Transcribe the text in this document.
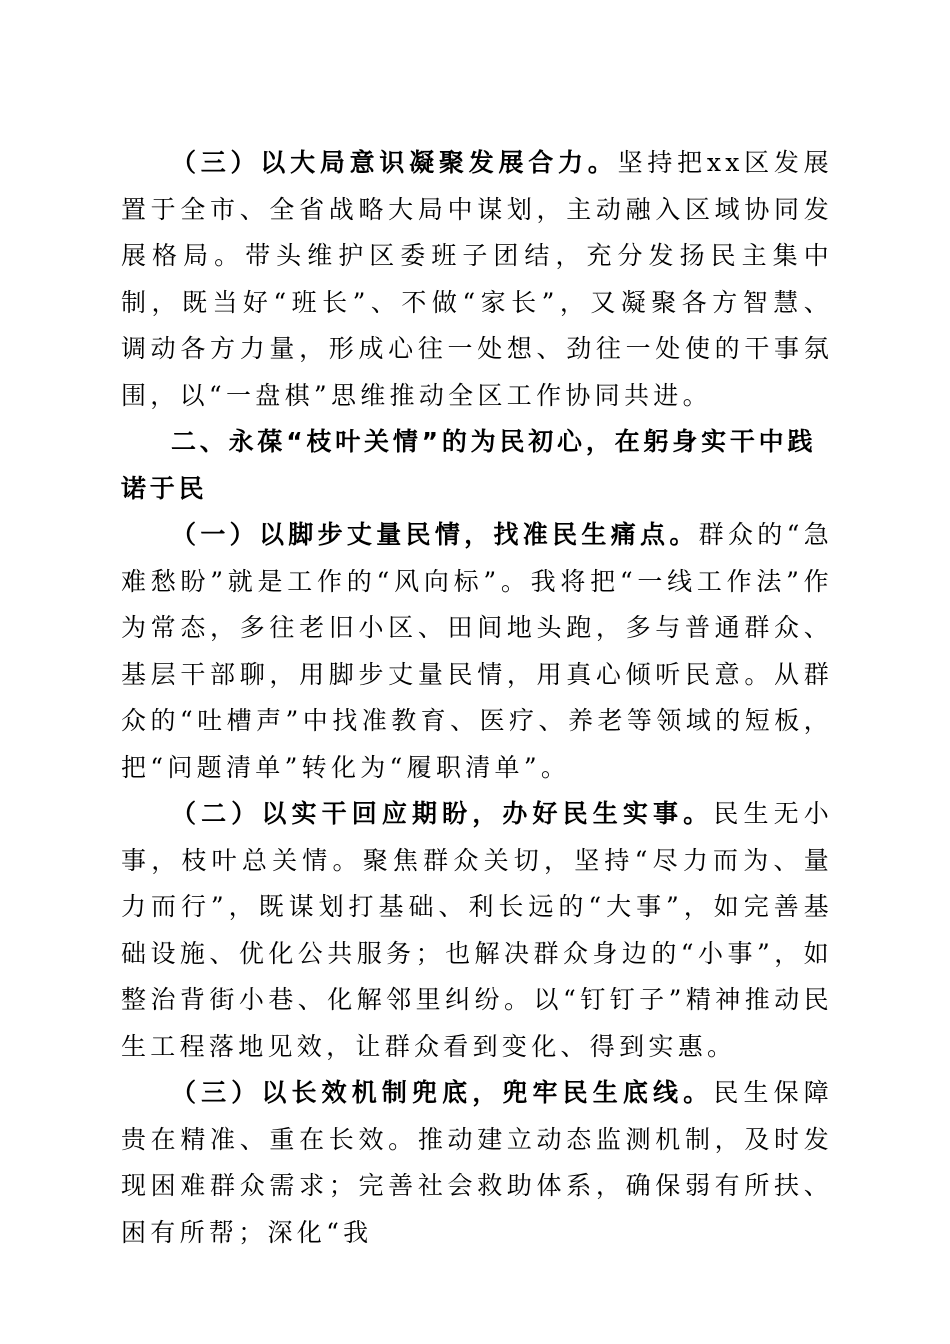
（三）以大局意识凝聚发展合力。坚持把xx区发展置于全市、全省战略大局中谋划，主动融入区域协同发展格局。带头维护区委班子团结，充分发扬民主集中制，既当好“班长”、不做“家长”，又凝聚各方智慧、调动各方力量，形成心往一处想、劲往一处使的干事氛围，以“一盘棋”思维推动全区工作协同共进。

二、永葆“枝叶关情”的为民初心，在躬身实干中践诺于民

（一）以脚步丈量民情，找准民生痛点。群众的“急难愁盼”就是工作的“风向标”。我将把“一线工作法”作为常态，多往老旧小区、田间地头跑，多与普通群众、基层干部聊，用脚步丈量民情，用真心倾听民意。从群众的“吐槽声”中找准教育、医疗、养老等领域的短板，把“问题清单”转化为“履职清单”。

（二）以实干回应期盼，办好民生实事。民生无小事，枝叶总关情。聚焦群众关切，坚持“尽力而为、量力而行”，既谋划打基础、利长远的“大事”，如完善基础设施、优化公共服务；也解决群众身边的“小事”，如整治背街小巷、化解邻里纠纷。以“钉钉子”精神推动民生工程落地见效，让群众看到变化、得到实惠。

（三）以长效机制兜底，兜牢民生底线。民生保障贵在精准、重在长效。推动建立动态监测机制，及时发现困难群众需求；完善社会救助体系，确保弱有所扶、困有所帮；深化“我
